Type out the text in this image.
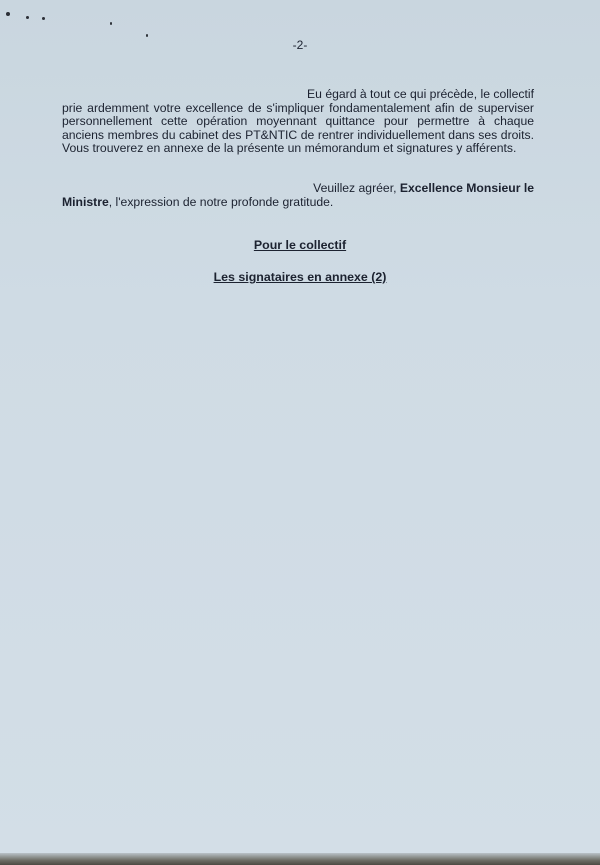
-2-

Eu égard à tout ce qui précède, le collectif
prie ardemment votre excellence de s'impliquer fondamentalement afin de superviser personnellement cette opération moyennant quittance pour permettre à chaque anciens membres du cabinet des PT&NTIC de rentrer individuellement dans ses droits. Vous trouverez en annexe de la présente un mémorandum et signatures y afférents.

Veuillez agréer, Excellence Monsieur le
Ministre, l'expression de notre profonde gratitude.

Pour le collectif
Les signataires en annexe (2)
